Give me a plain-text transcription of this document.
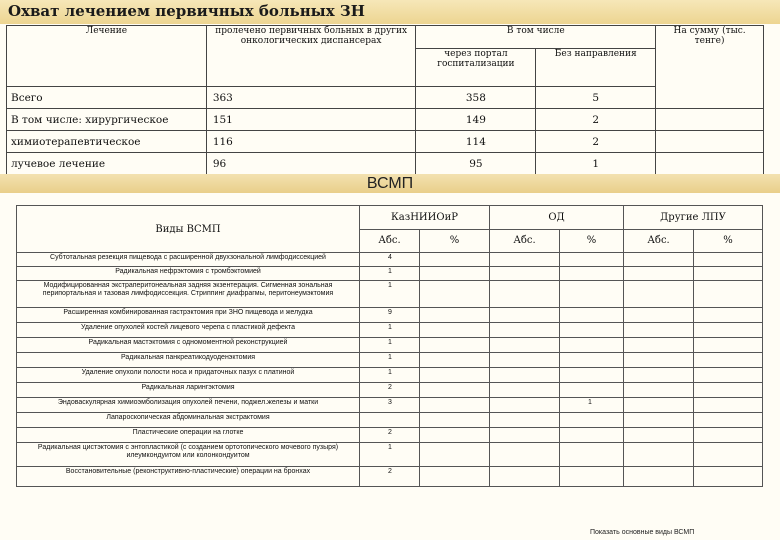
Охват лечением первичных больных ЗН
Лечение	пролечено первичных больных в других онкологических диспансерах	В том числе		На сумму (тыс. тенге)
		через портал госпитализации	Без направления	
Всего	363	358	5	
В том числе: хирургическое	151	149	2	
химиотерапевтическое	116	114	2	
лучевое лечение	96	95	1	
ВСМП
Виды ВСМП	КазНИИОиР		ОД		Другие ЛПУ	
	Абс.	%	Абс.	%	Абс.	%
Субтотальная резекция пищевода с расширенной двухзональной лимфодиссекцией	4					
Радикальная нефрэктомия с тромбэктомией	1					
Модифицированная экстраперитонеальная задняя экзентерация. Сигменная зональная перипортальная и тазовая лимфодиссекция. Стриппинг диафрагмы, перитонеумэктомия	1					
Расширенная комбинированная гастрэктомия при ЗНО пищевода и желудка	9					
Удаление опухолей костей лицевого черепа с пластикой дефекта	1					
Радикальная мастэктомия с одномоментной реконструкцией	1					
Радикальная панкреатикодуоденэктомия	1					
Удаление опухоли полости носа и придаточных пазух с платиной	1					
Радикальная ларингэктомия	2					
Эндоваскулярная химиоэмболизация опухолей печени, поджел.железы и матки	3			1		
Лапароскопическая абдоминальная экстрактомия						
Пластические операции на глотке	2					
Радикальная цистэктомия с энтопластикой (с созданием ортотопического мочевого пузыря) илеумкондуитом или колонкондуитом	1					
Восстановительные (реконструктивно-пластические) операции на бронхах	2					
Показать основные виды ВСМП
